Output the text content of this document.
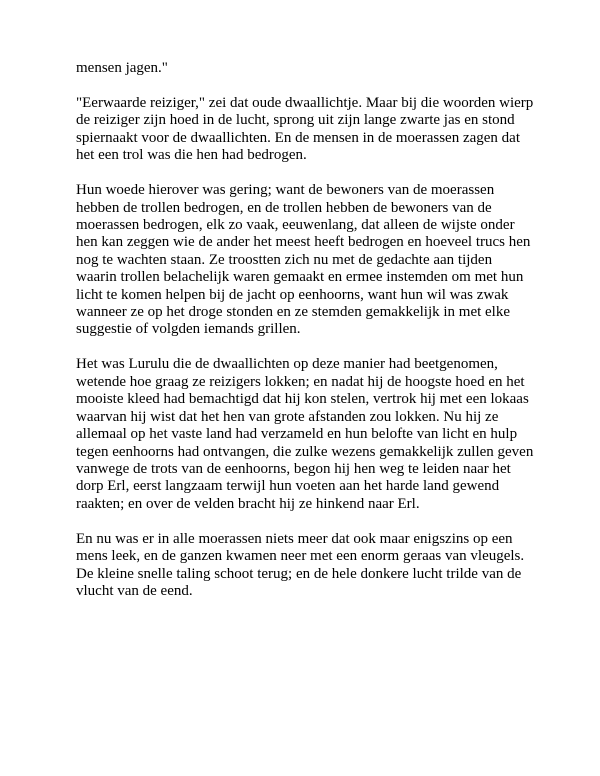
mensen jagen."

"Eerwaarde reiziger," zei dat oude dwaallichtje. Maar bij die woorden wierp
de reiziger zijn hoed in de lucht, sprong uit zijn lange zwarte jas en stond
spiernaakt voor de dwaallichten. En de mensen in de moerassen zagen dat
het een trol was die hen had bedrogen.

Hun woede hierover was gering; want de bewoners van de moerassen
hebben de trollen bedrogen, en de trollen hebben de bewoners van de
moerassen bedrogen, elk zo vaak, eeuwenlang, dat alleen de wijste onder
hen kan zeggen wie de ander het meest heeft bedrogen en hoeveel trucs hen
nog te wachten staan. Ze troostten zich nu met de gedachte aan tijden
waarin trollen belachelijk waren gemaakt en ermee instemden om met hun
licht te komen helpen bij de jacht op eenhoorns, want hun wil was zwak
wanneer ze op het droge stonden en ze stemden gemakkelijk in met elke
suggestie of volgden iemands grillen.

Het was Lurulu die de dwaallichten op deze manier had beetgenomen,
wetende hoe graag ze reizigers lokken; en nadat hij de hoogste hoed en het
mooiste kleed had bemachtigd dat hij kon stelen, vertrok hij met een lokaas
waarvan hij wist dat het hen van grote afstanden zou lokken. Nu hij ze
allemaal op het vaste land had verzameld en hun belofte van licht en hulp
tegen eenhoorns had ontvangen, die zulke wezens gemakkelijk zullen geven
vanwege de trots van de eenhoorns, begon hij hen weg te leiden naar het
dorp Erl, eerst langzaam terwijl hun voeten aan het harde land gewend
raakten; en over de velden bracht hij ze hinkend naar Erl.

En nu was er in alle moerassen niets meer dat ook maar enigszins op een
mens leek, en de ganzen kwamen neer met een enorm geraas van vleugels.
De kleine snelle taling schoot terug; en de hele donkere lucht trilde van de
vlucht van de eend.
